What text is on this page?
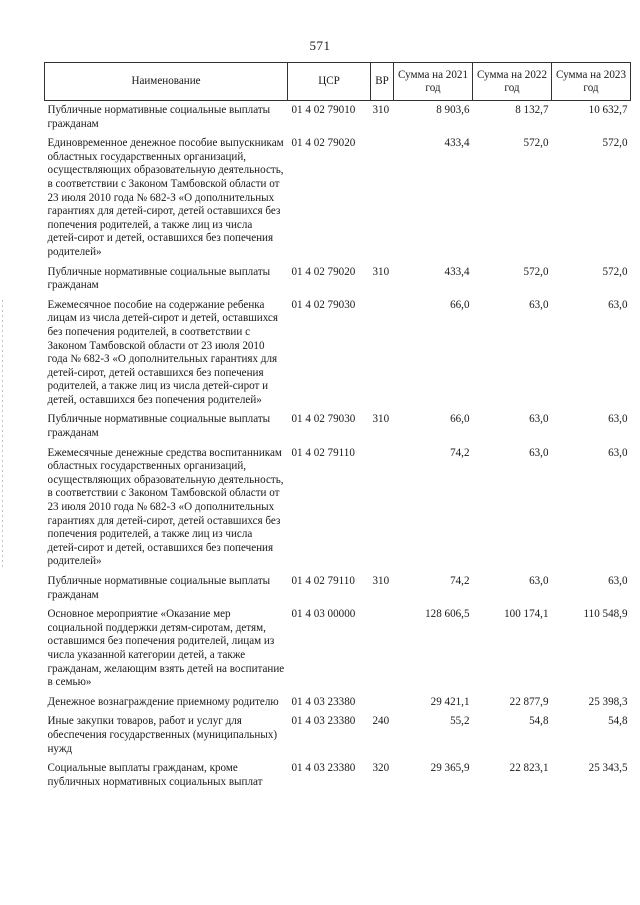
571
Наименование	ЦСР	ВР	Сумма на 2021 год	Сумма на 2022 год	Сумма на 2023 год
Публичные нормативные социальные выплаты гражданам	01 4 02 79010	310	8 903,6	8 132,7	10 632,7
Единовременное денежное пособие выпускникам областных государственных организаций, осуществляющих образовательную деятельность, в соответствии с Законом Тамбовской области от 23 июля 2010 года № 682-З «О дополнительных гарантиях для детей-сирот, детей оставшихся без попечения родителей, а также лиц из числа детей-сирот и детей, оставшихся без попечения родителей»	01 4 02 79020		433,4	572,0	572,0
Публичные нормативные социальные выплаты гражданам	01 4 02 79020	310	433,4	572,0	572,0
Ежемесячное пособие на содержание ребенка лицам из числа детей-сирот и детей, оставшихся без попечения родителей, в соответствии с Законом Тамбовской области от 23 июля 2010 года № 682-З «О дополнительных гарантиях для детей-сирот, детей оставшихся без попечения родителей, а также лиц из числа детей-сирот и детей, оставшихся без попечения родителей»	01 4 02 79030		66,0	63,0	63,0
Публичные нормативные социальные выплаты гражданам	01 4 02 79030	310	66,0	63,0	63,0
Ежемесячные денежные средства воспитанникам областных государственных организаций, осуществляющих образовательную деятельность, в соответствии с Законом Тамбовской области от 23 июля 2010 года № 682-З «О дополнительных гарантиях для детей-сирот, детей оставшихся без попечения родителей, а также лиц из числа детей-сирот и детей, оставшихся без попечения родителей»	01 4 02 79110		74,2	63,0	63,0
Публичные нормативные социальные выплаты гражданам	01 4 02 79110	310	74,2	63,0	63,0
Основное мероприятие «Оказание мер социальной поддержки детям-сиротам, детям, оставшимся без попечения родителей, лицам из числа указанной категории детей, а также гражданам, желающим взять детей на воспитание в семью»	01 4 03 00000		128 606,5	100 174,1	110 548,9
Денежное вознаграждение приемному родителю	01 4 03 23380		29 421,1	22 877,9	25 398,3
Иные закупки товаров, работ и услуг для обеспечения государственных (муниципальных) нужд	01 4 03 23380	240	55,2	54,8	54,8
Социальные выплаты гражданам, кроме публичных нормативных социальных выплат	01 4 03 23380	320	29 365,9	22 823,1	25 343,5
